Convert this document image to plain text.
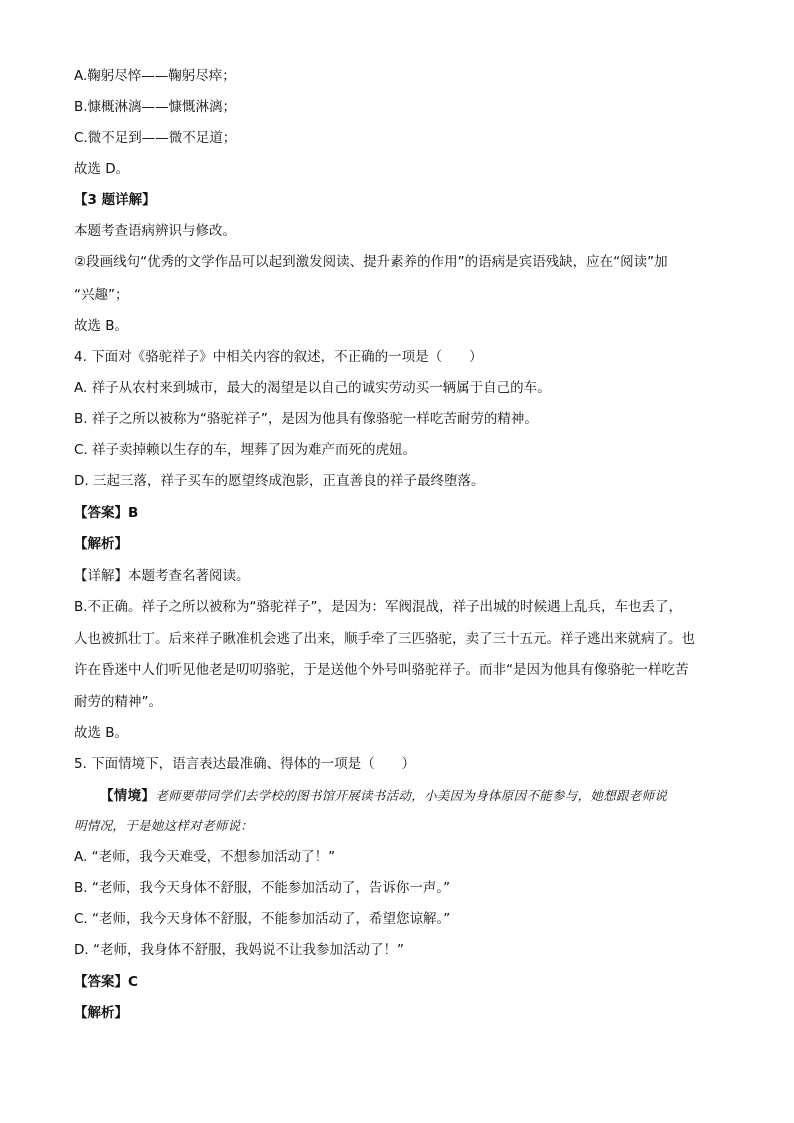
A.鞠躬尽悴——鞠躬尽瘁；
B.慷概淋漓——慷慨淋漓；
C.微不足到——微不足道；
故选 D。
【3 题详解】
本题考查语病辨识与修改。
②段画线句“优秀的文学作品可以起到激发阅读、提升素养的作用”的语病是宾语残缺，应在“阅读”加
“兴趣”；
故选 B。
4. 下面对《骆驼祥子》中相关内容的叙述，不正确的一项是（　　）
A. 祥子从农村来到城市，最大的渴望是以自己的诚实劳动买一辆属于自己的车。
B. 祥子之所以被称为“骆驼祥子”，是因为他具有像骆驼一样吃苦耐劳的精神。
C. 祥子卖掉赖以生存的车，埋葬了因为难产而死的虎妞。
D. 三起三落，祥子买车的愿望终成泡影，正直善良的祥子最终堕落。
【答案】B
【解析】
【详解】本题考查名著阅读。
B.不正确。祥子之所以被称为“骆驼祥子”，是因为：军阀混战，祥子出城的时候遇上乱兵，车也丢了，
人也被抓壮丁。后来祥子瞅准机会逃了出来，顺手牵了三匹骆驼，卖了三十五元。祥子逃出来就病了。也
许在昏迷中人们听见他老是叨叨骆驼，于是送他个外号叫骆驼祥子。而非“是因为他具有像骆驼一样吃苦
耐劳的精神”。
故选 B。
5. 下面情境下，语言表达最准确、得体的一项是（　　）
【情境】老师要带同学们去学校的图书馆开展读书活动，小美因为身体原因不能参与，她想跟老师说
明情况，于是她这样对老师说：
A. “老师，我今天难受，不想参加活动了！”
B. “老师，我今天身体不舒服，不能参加活动了，告诉你一声。”
C. “老师，我今天身体不舒服，不能参加活动了，希望您谅解。”
D. “老师，我身体不舒服，我妈说不让我参加活动了！”
【答案】C
【解析】
